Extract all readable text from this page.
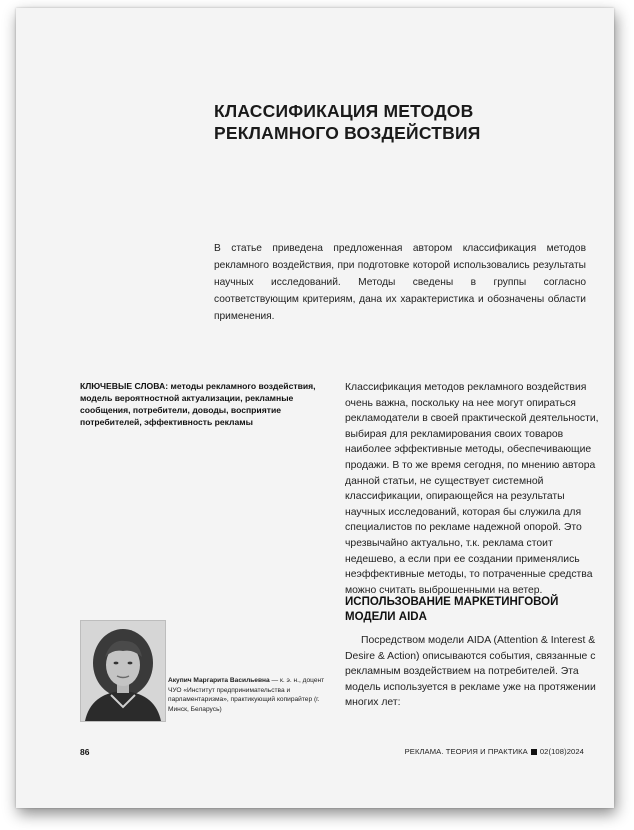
КЛАССИФИКАЦИЯ МЕТОДОВ РЕКЛАМНОГО ВОЗДЕЙСТВИЯ

В статье приведена предложенная автором классификация методов рекламного воздействия, при подготовке которой использовались результаты научных исследований. Методы сведены в группы согласно соответствующим критериям, дана их характеристика и обозначены области применения.

КЛЮЧЕВЫЕ СЛОВА: методы рекламного воздействия, модель вероятностной актуализации, рекламные сообщения, потребители, доводы, восприятие потребителей, эффективность рекламы

Классификация методов рекламного воздействия очень важна, поскольку на нее могут опираться рекламодатели в своей практической деятельности, выбирая для рекламирования своих товаров наиболее эффективные методы, обеспечивающие продажи. В то же время сегодня, по мнению автора данной статьи, не существует системной классификации, опирающейся на результаты научных исследований, которая бы служила для специалистов по рекламе надежной опорой. Это чрезвычайно актуально, т.к. реклама стоит недешево, а если при ее создании применялись неэффективные методы, то потраченные средства можно считать выброшенными на ветер.

ИСПОЛЬЗОВАНИЕ МАРКЕТИНГОВОЙ МОДЕЛИ AIDA

Посредством модели AIDA (Attention & Interest & Desire & Action) описываются события, связанные с рекламным воздействием на потребителей. Эта модель используется в рекламе уже на протяжении многих лет:

Акупич Маргарита Васильевна — к. э. н., доцент ЧУО «Институт предпринимательства и парламентаризма», практикующий копирайтер (г. Минск, Беларусь)

86	РЕКЛАМА. ТЕОРИЯ И ПРАКТИКА 02(108)2024
